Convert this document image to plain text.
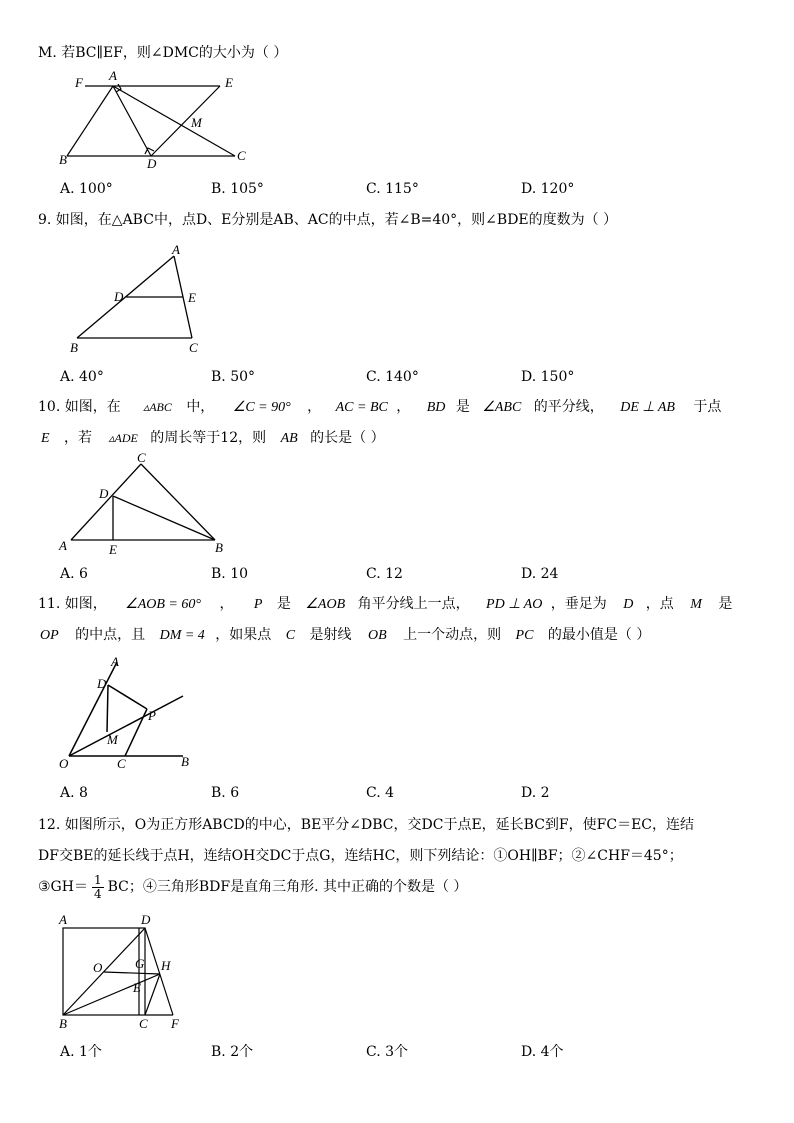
M. 若BC∥EF，则∠DMC的大小为（ ）
F A	E
M
B	D
C
A. 100°	B. 105°	C. 115°	D. 120°
9. 如图，在△ABC中，点D、E分别是AB、AC的中点，若∠B=40°，则∠BDE的度数为（ ）
A
D	E
B	C
A. 40°	B. 50°	C. 140°	D. 150°
10. 如图，在 ▵ABC 中， ∠C = 90° ， AC = BC ， BD 是 ∠ABC 的平分线， DE ⊥ AB 于点
E ，若 ▵ADE 的周长等于12，则 AB 的长是（ ）
C
D
A	E	B
A. 6	B. 10	C. 12	D. 24
11. 如图， ∠AOB = 60° ， P 是 ∠AOB 角平分线上一点， PD ⊥ AO ，垂足为 D ，点 M 是
OP 的中点，且 DM = 4 ，如果点 C 是射线 OB 上一个动点，则 PC 的最小值是（ ）
A
D
P
M
O	C	B
A. 8	B. 6	C. 4	D. 2
12. 如图所示，O为正方形ABCD的中心，BE平分∠DBC，交DC于点E，延长BC到F，使FC＝EC，连结
DF交BE的延长线于点H，连结OH交DC于点G，连结HC，则下列结论：①OH∥BF；②∠CHF＝45°；
③GH＝ $\frac{1}{4}$ BC；④三角形BDF是直角三角形. 其中正确的个数是（ ）
A	D
O	G H
E
B	C F
A. 1个	B. 2个	C. 3个	D. 4个
